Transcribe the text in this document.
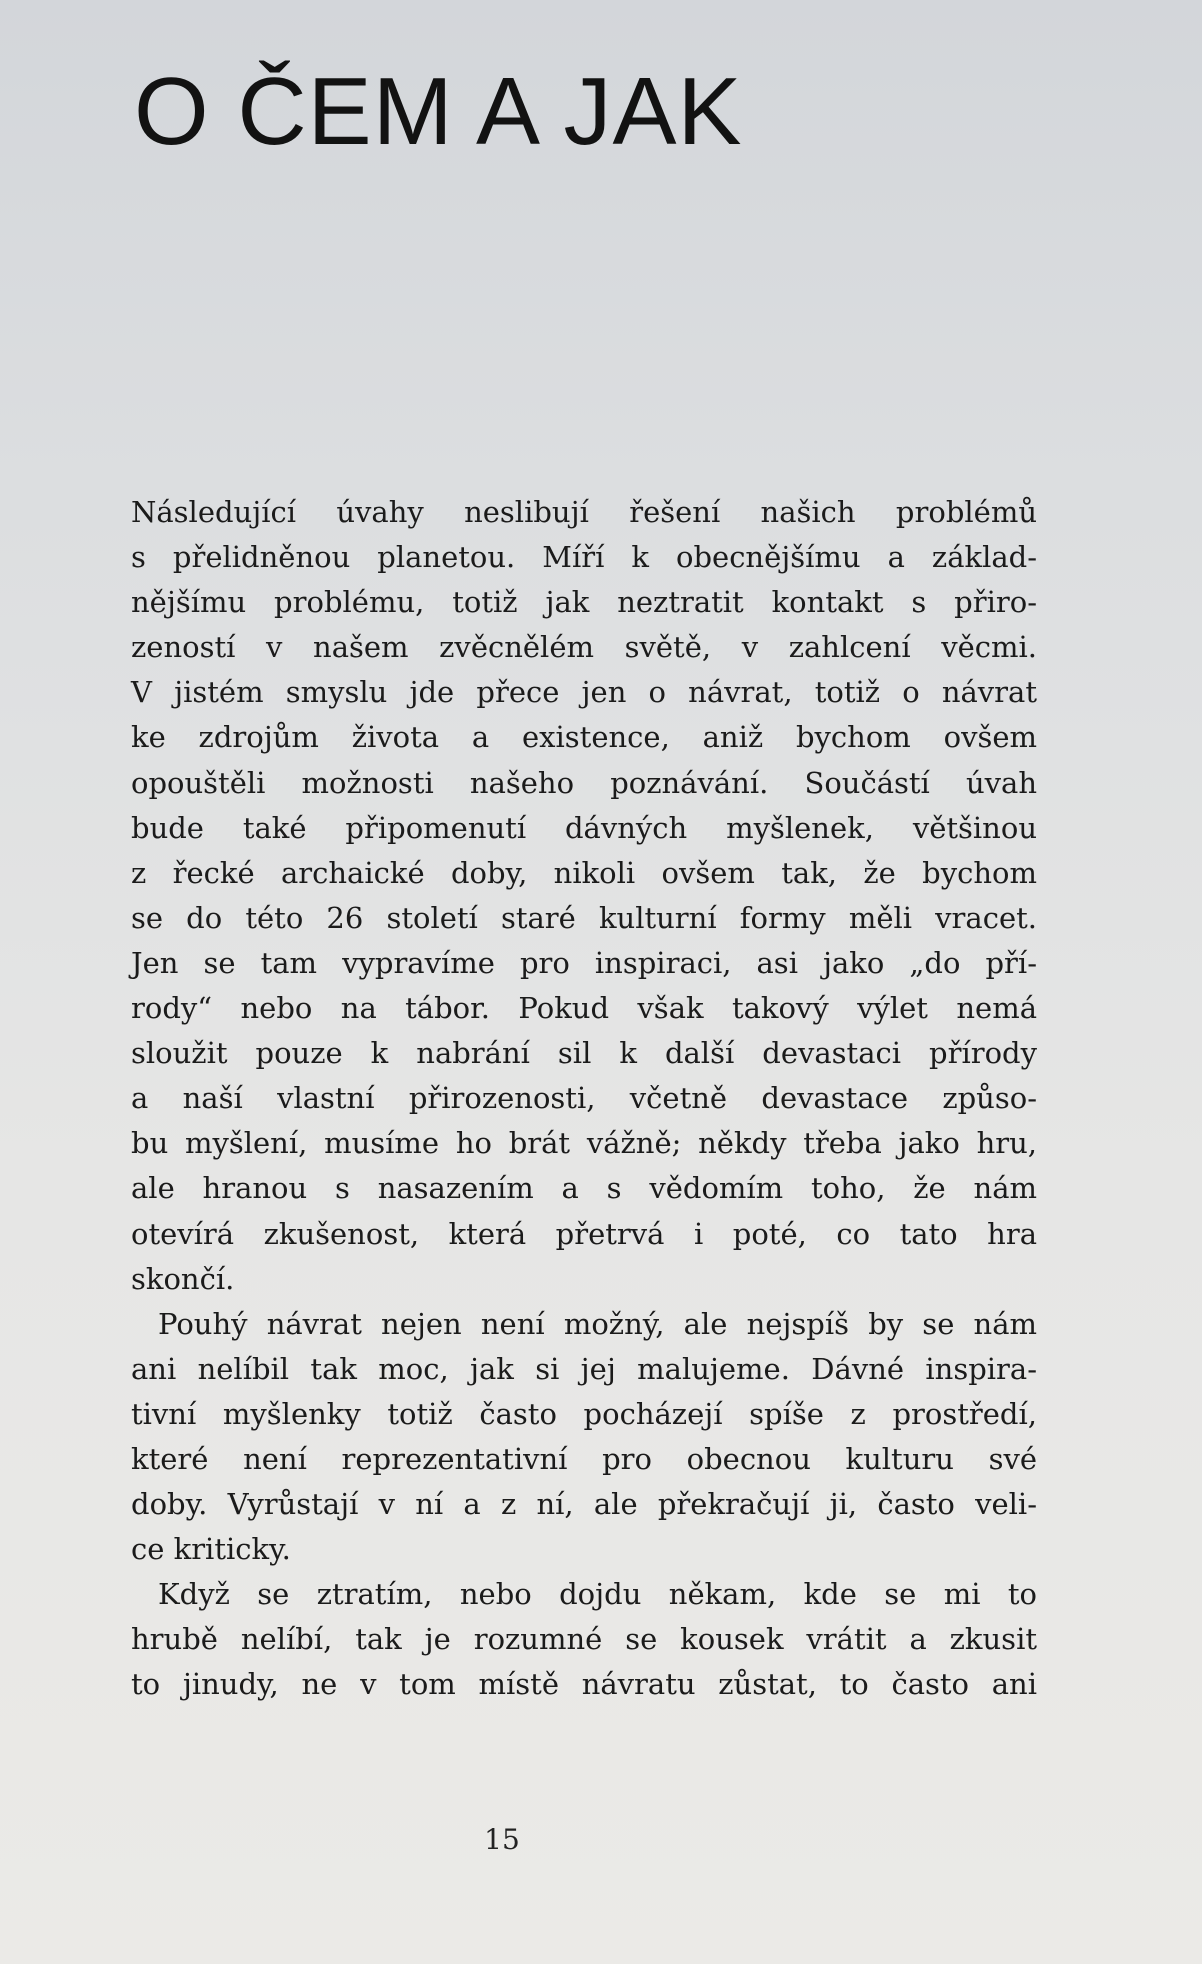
O ČEM A JAK
Následující úvahy neslibují řešení našich problémů
s přelidněnou planetou. Míří k obecnějšímu a základ-
nějšímu problému, totiž jak neztratit kontakt s přiro-
zeností v našem zvěcnělém světě, v zahlcení věcmi.
V jistém smyslu jde přece jen o návrat, totiž o návrat
ke zdrojům života a existence, aniž bychom ovšem
opouštěli možnosti našeho poznávání. Součástí úvah
bude také připomenutí dávných myšlenek, většinou
z řecké archaické doby, nikoli ovšem tak, že bychom
se do této 26 století staré kulturní formy měli vracet.
Jen se tam vypravíme pro inspiraci, asi jako „do pří-
rody“ nebo na tábor. Pokud však takový výlet nemá
sloužit pouze k nabrání sil k další devastaci přírody
a naší vlastní přirozenosti, včetně devastace způso-
bu myšlení, musíme ho brát vážně; někdy třeba jako hru,
ale hranou s nasazením a s vědomím toho, že nám
otevírá zkušenost, která přetrvá i poté, co tato hra
skončí.
Pouhý návrat nejen není možný, ale nejspíš by se nám
ani nelíbil tak moc, jak si jej malujeme. Dávné inspira-
tivní myšlenky totiž často pocházejí spíše z prostředí,
které není reprezentativní pro obecnou kulturu své
doby. Vyrůstají v ní a z ní, ale překračují ji, často veli-
ce kriticky.
Když se ztratím, nebo dojdu někam, kde se mi to
hrubě nelíbí, tak je rozumné se kousek vrátit a zkusit
to jinudy, ne v tom místě návratu zůstat, to často ani
15
